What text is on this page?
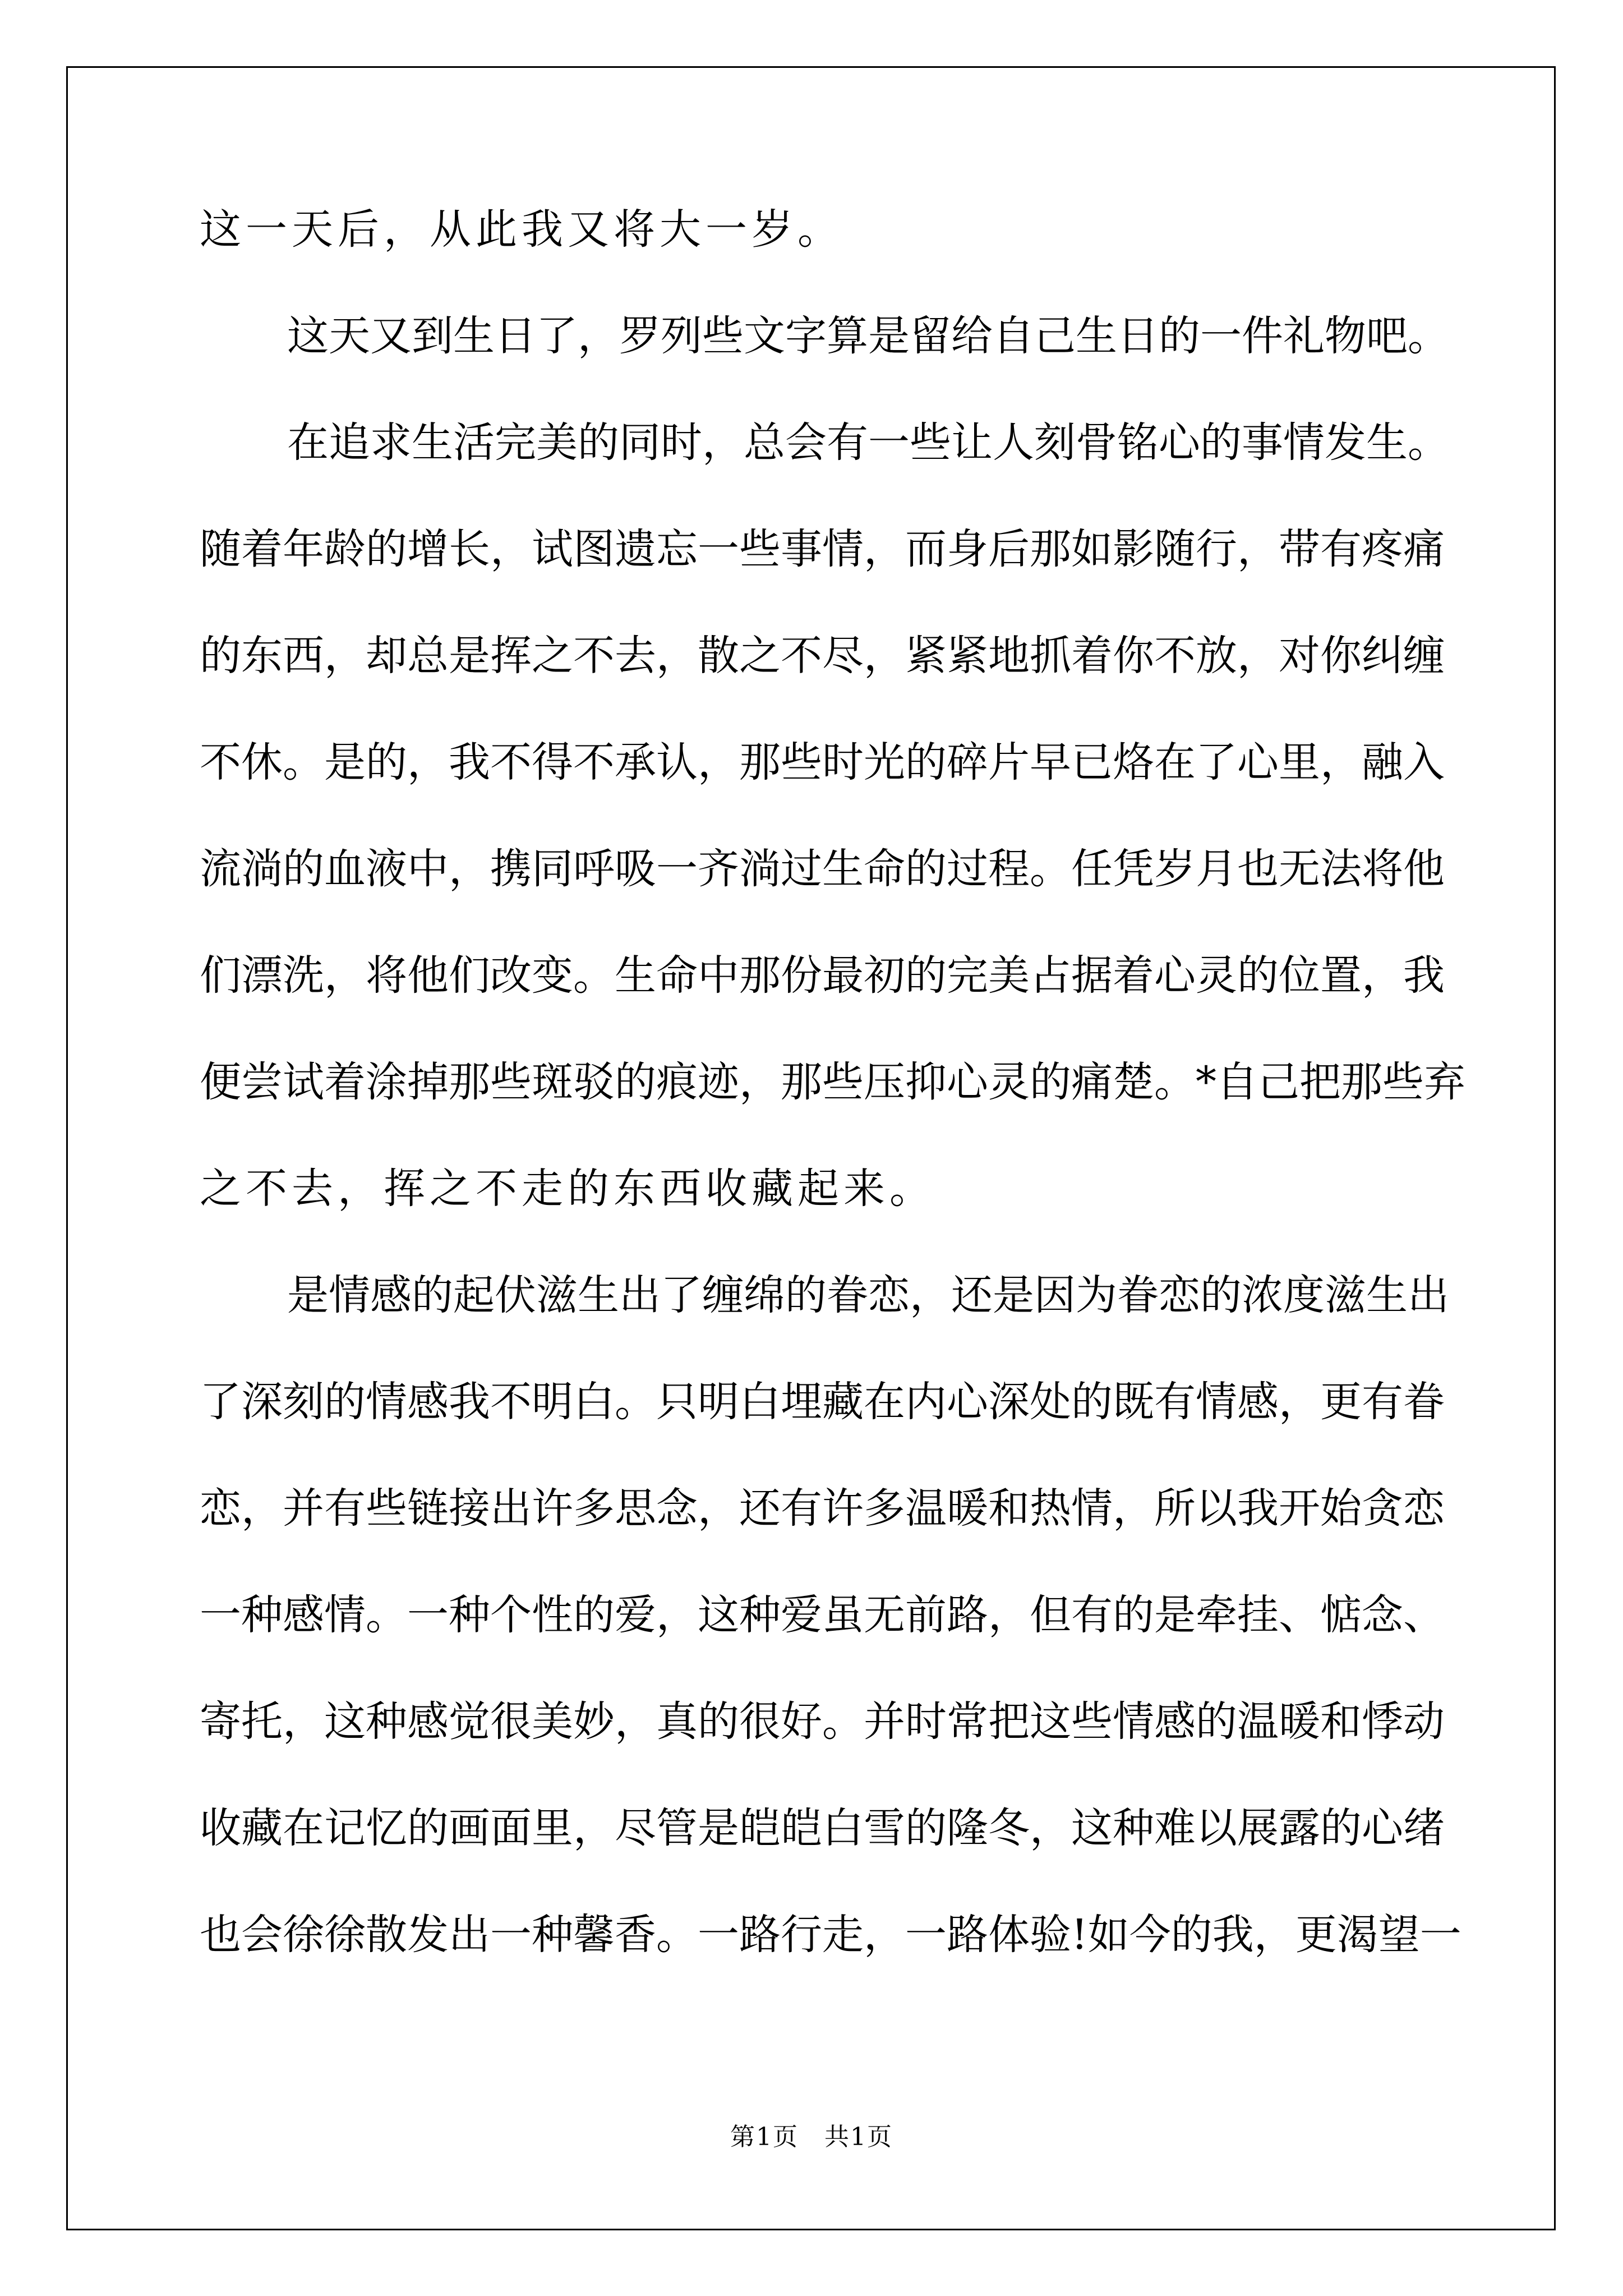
这一天后，从此我又将大一岁。
这天又到生日了，罗列些文字算是留给自己生日的一件礼物吧。
在追求生活完美的同时，总会有一些让人刻骨铭心的事情发生。
随着年龄的增长，试图遗忘一些事情，而身后那如影随行，带有疼痛
的东西，却总是挥之不去，散之不尽，紧紧地抓着你不放，对你纠缠
不休。是的，我不得不承认，那些时光的碎片早已烙在了心里，融入
流淌的血液中，携同呼吸一齐淌过生命的过程。任凭岁月也无法将他
们漂洗，将他们改变。生命中那份最初的完美占据着心灵的位置，我
便尝试着涂掉那些斑驳的痕迹，那些压抑心灵的痛楚。*自己把那些弃
之不去，挥之不走的东西收藏起来。
是情感的起伏滋生出了缠绵的眷恋，还是因为眷恋的浓度滋生出
了深刻的情感我不明白。只明白埋藏在内心深处的既有情感，更有眷
恋，并有些链接出许多思念，还有许多温暖和热情，所以我开始贪恋
一种感情。一种个性的爱，这种爱虽无前路，但有的是牵挂、惦念、
寄托，这种感觉很美妙，真的很好。并时常把这些情感的温暖和悸动
收藏在记忆的画面里，尽管是皑皑白雪的隆冬，这种难以展露的心绪
也会徐徐散发出一种馨香。一路行走，一路体验!如今的我，更渴望一
第1页　共1页
